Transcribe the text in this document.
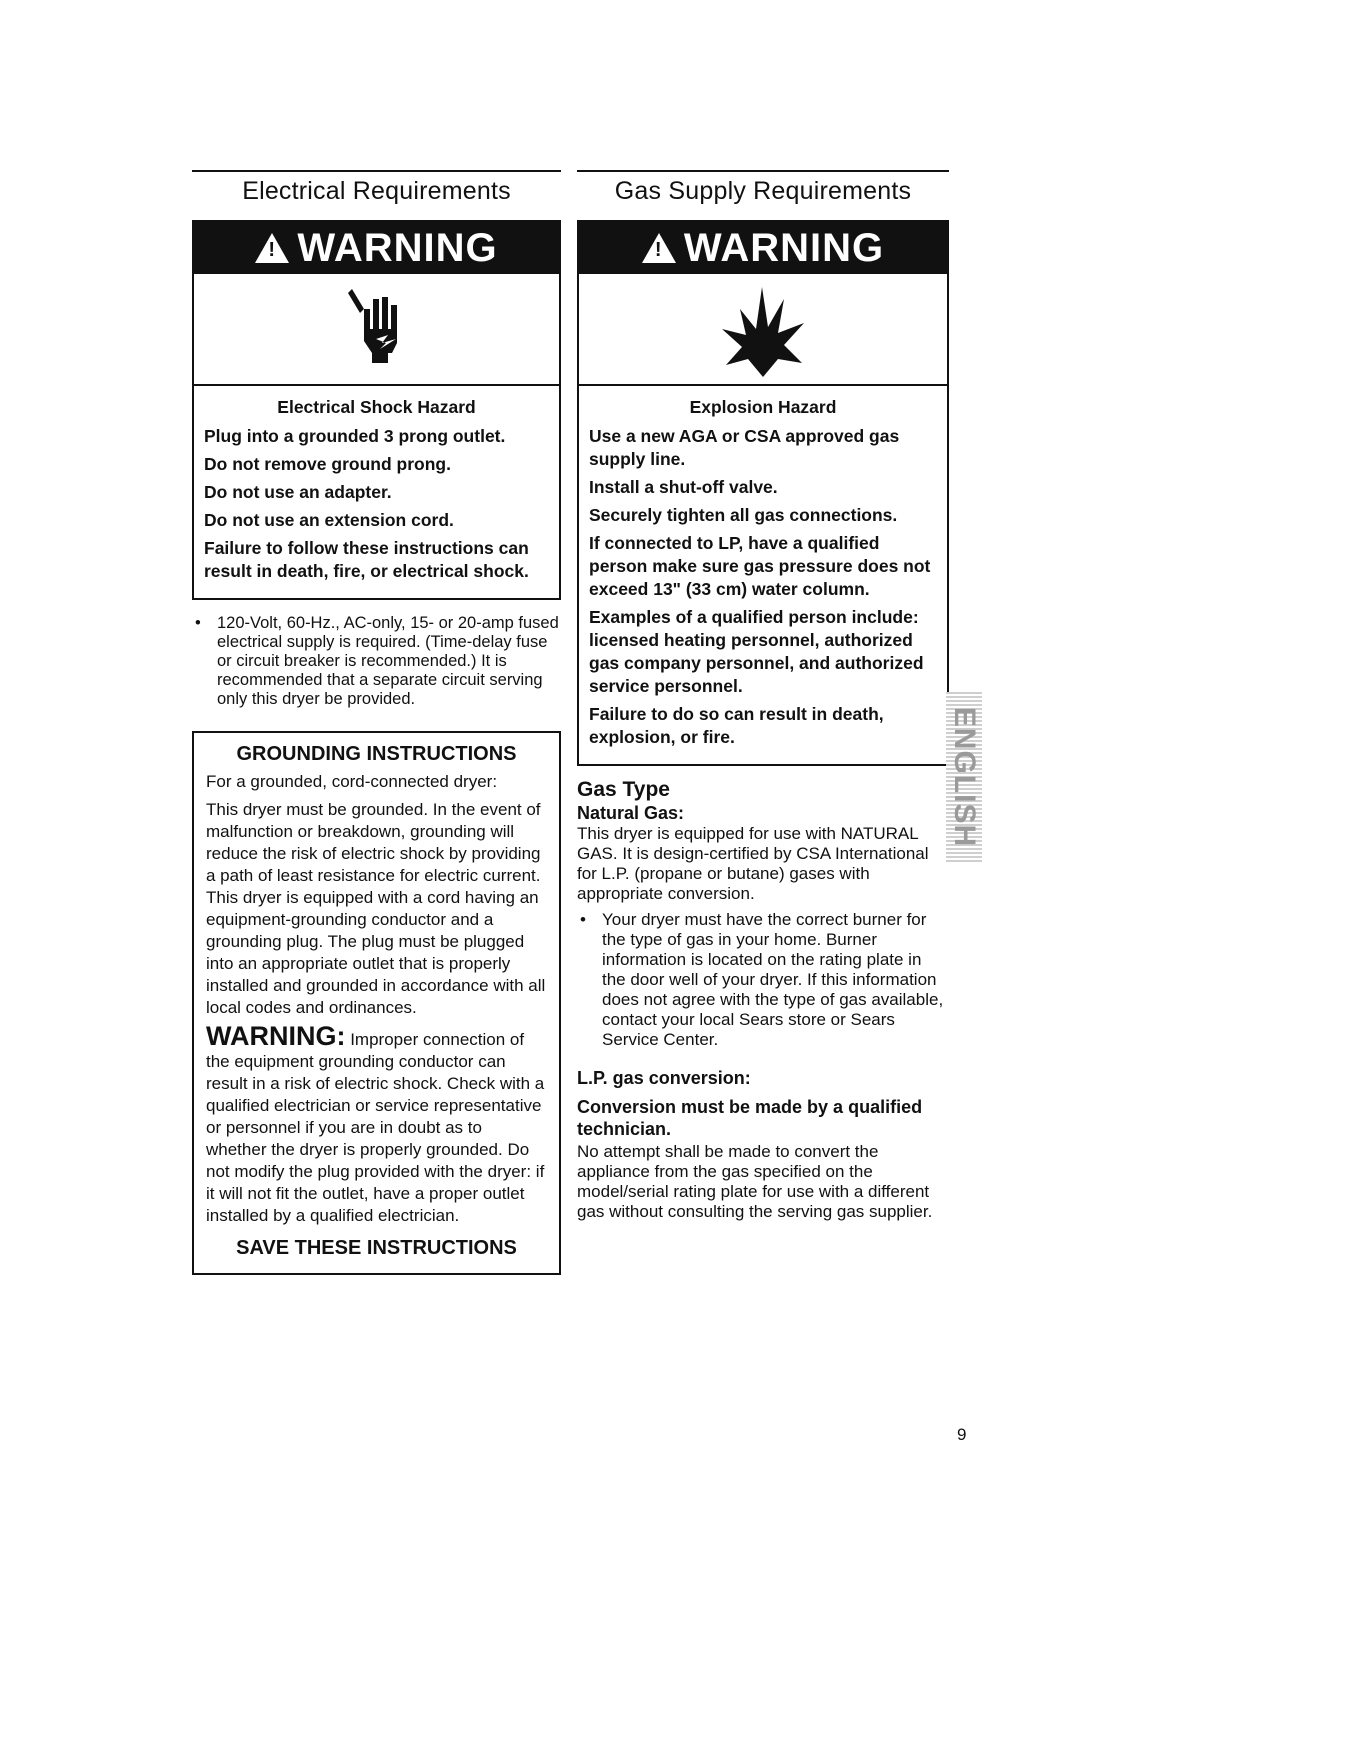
Electrical Requirements
!WARNING
Electrical Shock Hazard

Plug into a grounded 3 prong outlet.

Do not remove ground prong.

Do not use an adapter.

Do not use an extension cord.

Failure to follow these instructions can result in death, fire, or electrical shock.

• 120-Volt, 60-Hz., AC-only, 15- or 20-amp fused electrical supply is required. (Time-delay fuse or circuit breaker is recommended.) It is recommended that a separate circuit serving only this dryer be provided.
GROUNDING INSTRUCTIONS

For a grounded, cord-connected dryer:

This dryer must be grounded. In the event of malfunction or breakdown, grounding will reduce the risk of electric shock by providing a path of least resistance for electric current. This dryer is equipped with a cord having an equipment-grounding conductor and a grounding plug. The plug must be plugged into an appropriate outlet that is properly installed and grounded in accordance with all local codes and ordinances.

WARNING: Improper connection of the equipment grounding conductor can result in a risk of electric shock. Check with a qualified electrician or service representative or personnel if you are in doubt as to whether the dryer is properly grounded. Do not modify the plug provided with the dryer: if it will not fit the outlet, have a proper outlet installed by a qualified electrician.

SAVE THESE INSTRUCTIONS
Gas Supply Requirements
!WARNING
Explosion Hazard

Use a new AGA or CSA approved gas supply line.

Install a shut-off valve.

Securely tighten all gas connections.

If connected to LP, have a qualified person make sure gas pressure does not exceed 13" (33 cm) water column.

Examples of a qualified person include: licensed heating personnel, authorized gas company personnel, and authorized service personnel.

Failure to do so can result in death, explosion, or fire.

Gas Type
Natural Gas:

This dryer is equipped for use with NATURAL GAS. It is design-certified by CSA International for L.P. (propane or butane) gases with appropriate conversion.

• Your dryer must have the correct burner for the type of gas in your home. Burner information is located on the rating plate in the door well of your dryer. If this information does not agree with the type of gas available, contact your local Sears store or Sears Service Center.
L.P. gas conversion:
Conversion must be made by a qualified technician.

No attempt shall be made to convert the appliance from the gas specified on the model/serial rating plate for use with a different gas without consulting the serving gas supplier.

ENGLISH
9
